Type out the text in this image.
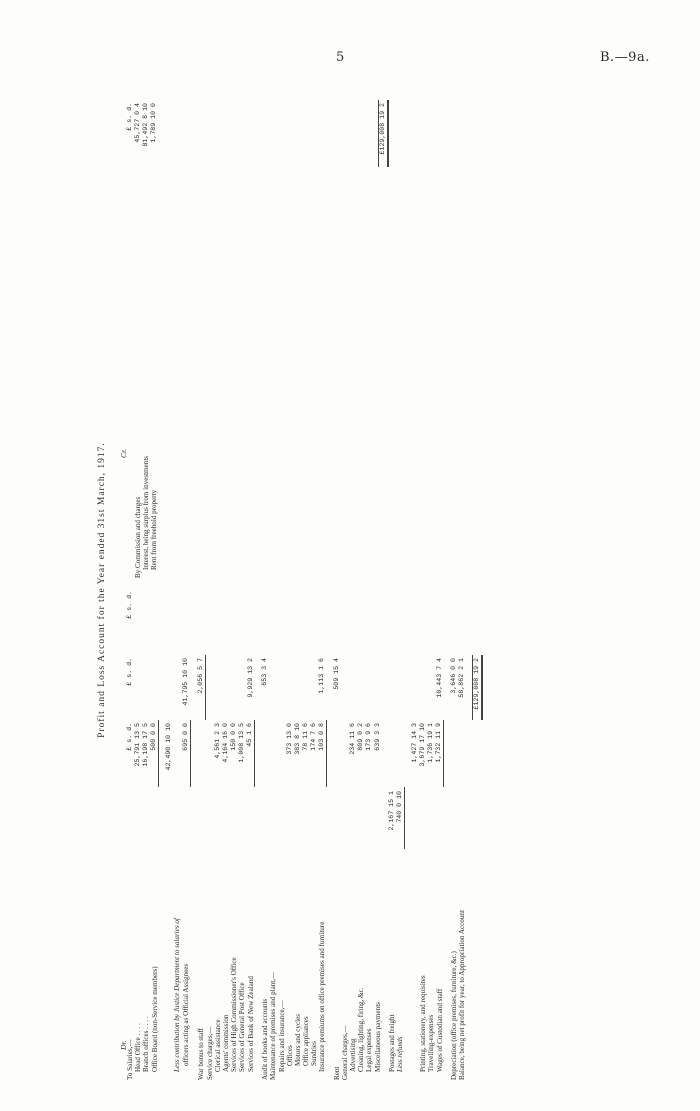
5	B.—9a.
Profit and Loss Account for the Year ended 31st March, 1917.
Dr.
Cr.
To Salaries,—		£ s. d.	£ s. d.	£ s. d.
Head Office . . . .		25,791 13 5		
Branch offices . . . .		16,198 17 5		
Office Board (non-Service members)		500 0 0		

		42,490 10 10		
Less contribution by Justice Department to salaries of				
officers acting as Official Assignees		695 0 0	41,795 10 10	

War bonus to staff			2,056 5 7	
Service charges,—				
Clerical assistance		4,561 2 3		
Agents' commission		4,164 16 0		
Services of High Commissioner's Office		150 0 0		
Services of General Post Office		1,008 13 5		
Services of Bank of New Zealand		45 1 6	9,929 13 2	

Audit of books and accounts			653 3 4	
Maintenance of premises and plant,—				
Repairs and insurance,—				
Offices		373 13 0		
Motors and cycles		383 8 10		
Office appliances		78 11 6		
Sundries		174 7 6		
Insurance premiums on office premises and furniture		103 0 8	1,113 1 6	

Rent			509 15 4	
General charges,—				
Advertising		234 11 6		
Cleaning, lighting, firing, &c.		809 0 2		
Legal expenses		173 9 6		
Miscellaneous payments		639 3 3		

Postages and freight	2,167 15 1			
Less refunds	740 0 10			

		1,427 14 3		
Printing, stationery, and requisites		3,679 17 10		
Travelling-expenses		1,736 19 1		
Wages of Custodian and staff		1,732 11 9	10,443 7 4	

Depreciation (office premises, furniture, &c.)			3,646 0 0	
Balance, being net profit for year, to Appropriation Account			58,862 2 1	

			£129,008 19 2	
	£ s. d.
By Commission and charges	45,727 0 4
Interest, being surplus from investments	81,492 8 10
Rent from freehold property	1,789 10 0

	£129,008 19 2
